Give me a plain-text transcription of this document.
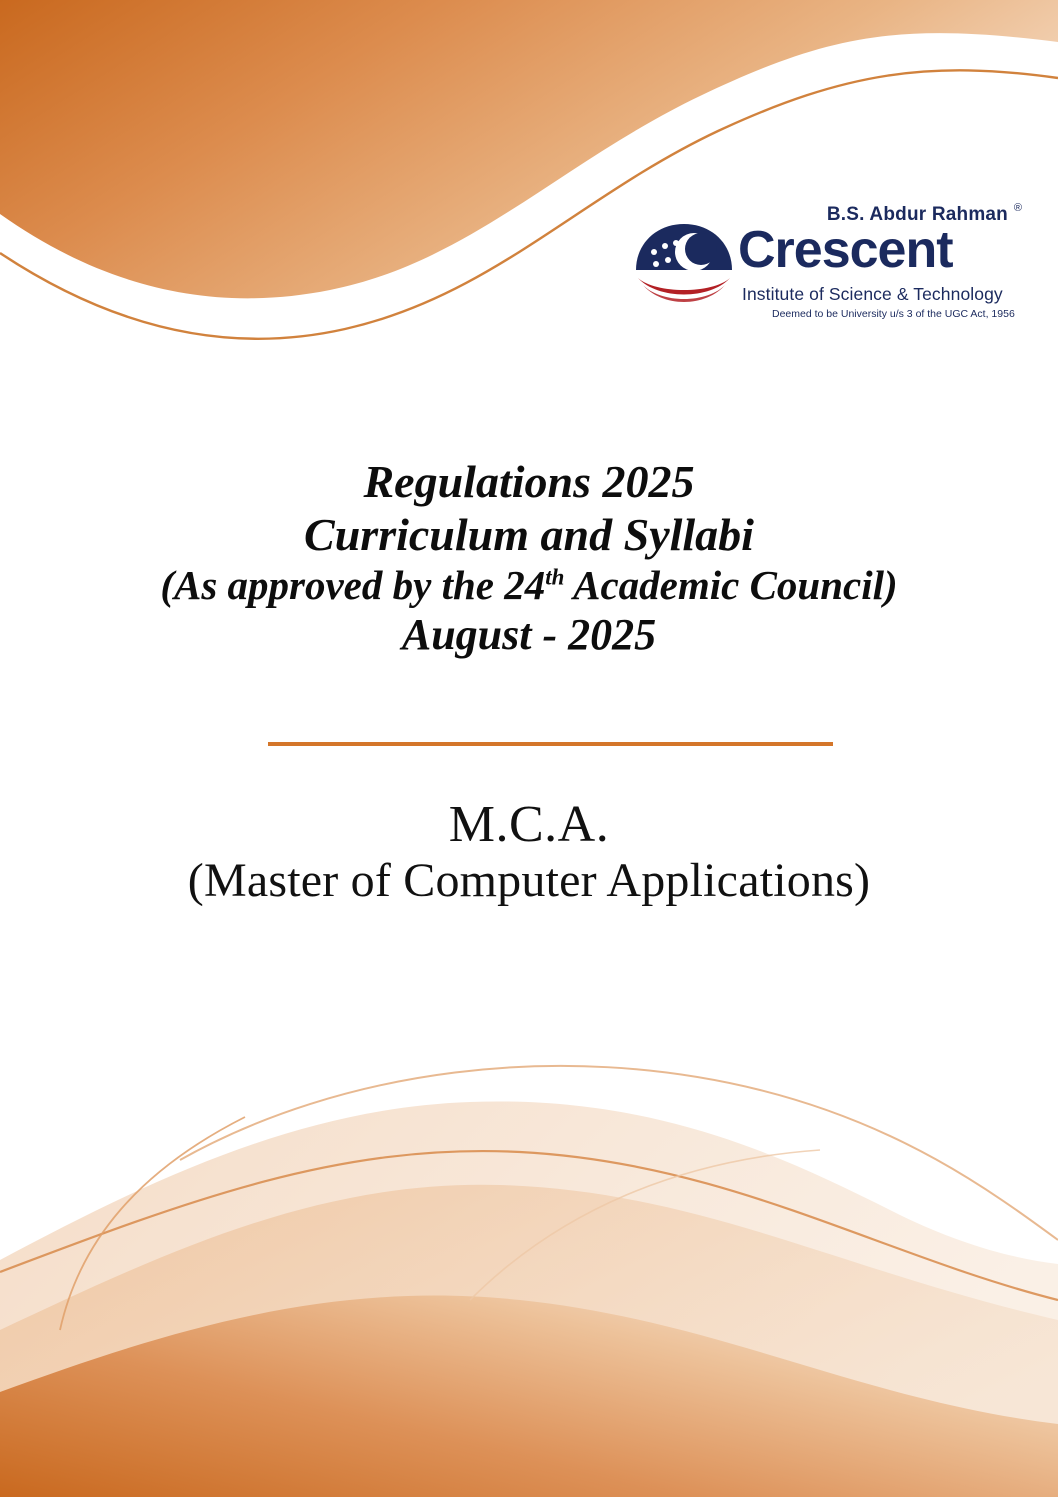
B.S. Abdur Rahman ®
Crescent
Institute of Science & Technology
Deemed to be University u/s 3 of the UGC Act, 1956
Regulations 2025
Curriculum and Syllabi
(As approved by the 24th Academic Council)
August - 2025
M.C.A.
(Master of Computer Applications)
